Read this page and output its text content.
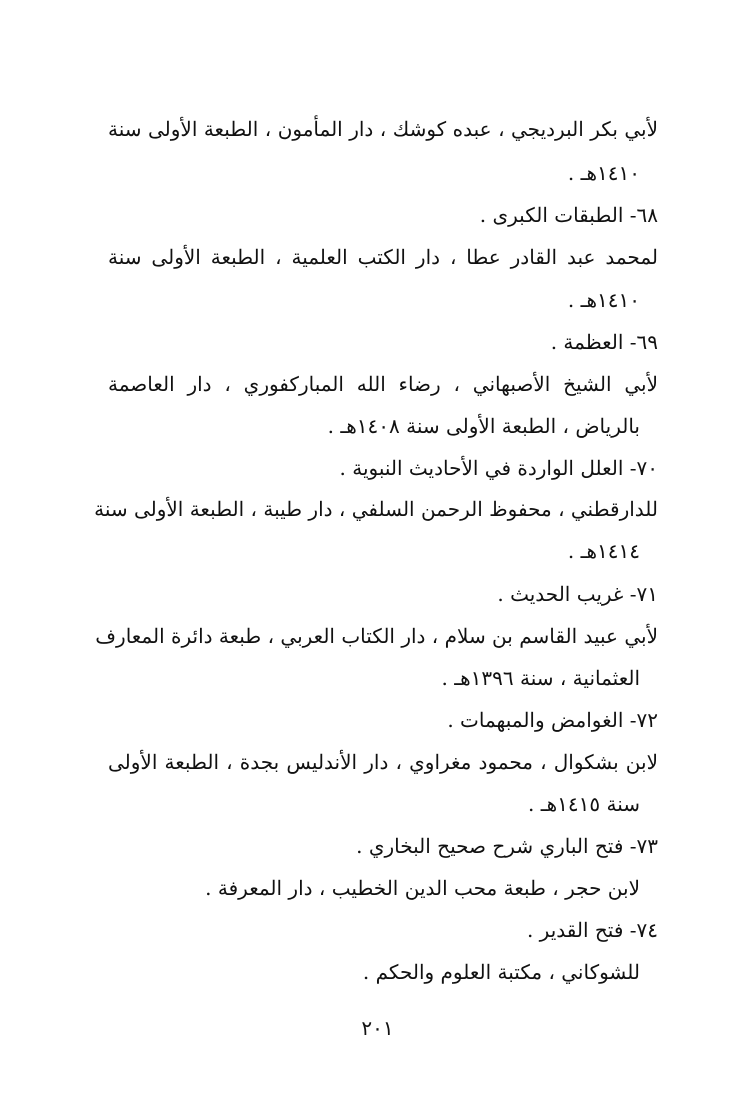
لأبي بكر البرديجي ، عبده كوشك ، دار المأمون ، الطبعة الأولى سنة
١٤١٠هـ .
٦٨- الطبقات الكبرى .
لمحمد عبد القادر عطا ، دار الكتب العلمية ، الطبعة الأولى سنة
١٤١٠هـ .
٦٩- العظمة .
لأبي الشيخ الأصبهاني ، رضاء الله المباركفوري ، دار العاصمة
بالرياض ، الطبعة الأولى سنة ١٤٠٨هـ .
٧٠- العلل الواردة في الأحاديث النبوية .
للدارقطني ، محفوظ الرحمن السلفي ، دار طيبة ، الطبعة الأولى سنة
١٤١٤هـ .
٧١- غريب الحديث .
لأبي عبيد القاسم بن سلام ، دار الكتاب العربي ، طبعة دائرة المعارف
العثمانية ، سنة ١٣٩٦هـ .
٧٢- الغوامض والمبهمات .
لابن بشكوال ، محمود مغراوي ، دار الأندليس بجدة ، الطبعة الأولى
سنة ١٤١٥هـ .
٧٣- فتح الباري شرح صحيح البخاري .
لابن حجر ، طبعة محب الدين الخطيب ، دار المعرفة .
٧٤- فتح القدير .
للشوكاني ، مكتبة العلوم والحكم .
٢٠١
